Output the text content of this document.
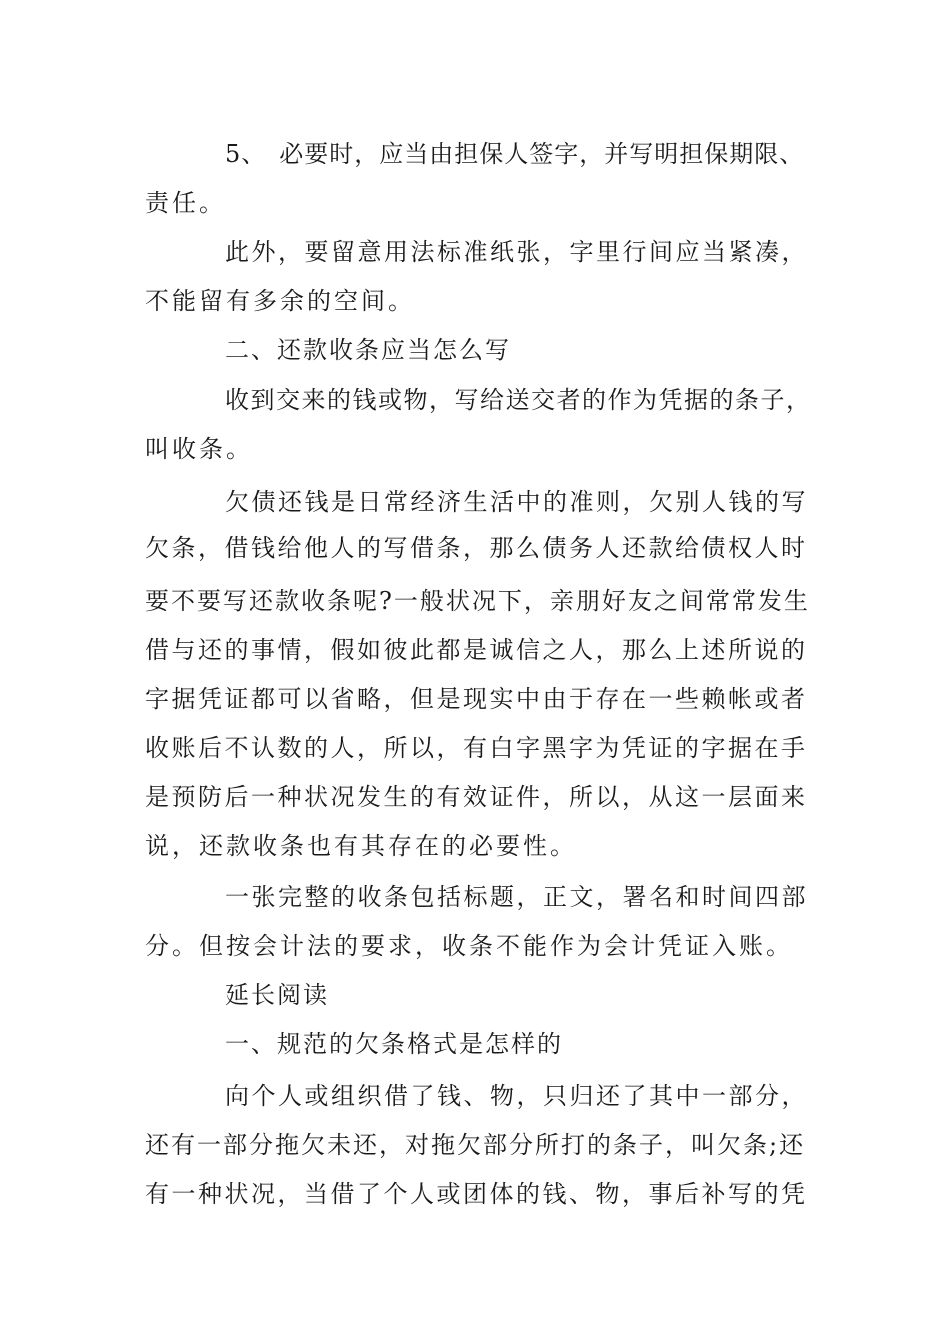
5、　必要时，应当由担保人签字，并写明担保期限、
责任。
此外，要留意用法标准纸张，字里行间应当紧凑，
不能留有多余的空间。
二、还款收条应当怎么写
收到交来的钱或物，写给送交者的作为凭据的条子，
叫收条。
欠债还钱是日常经济生活中的准则，欠别人钱的写
欠条，借钱给他人的写借条，那么债务人还款给债权人时
要不要写还款收条呢?一般状况下，亲朋好友之间常常发生
借与还的事情，假如彼此都是诚信之人，那么上述所说的
字据凭证都可以省略，但是现实中由于存在一些赖帐或者
收账后不认数的人，所以，有白字黑字为凭证的字据在手
是预防后一种状况发生的有效证件，所以，从这一层面来
说，还款收条也有其存在的必要性。
一张完整的收条包括标题，正文，署名和时间四部
分。但按会计法的要求，收条不能作为会计凭证入账。
延长阅读
一、规范的欠条格式是怎样的
向个人或组织借了钱、物，只归还了其中一部分，
还有一部分拖欠未还，对拖欠部分所打的条子，叫欠条;还
有一种状况，当借了个人或团体的钱、物，事后补写的凭
